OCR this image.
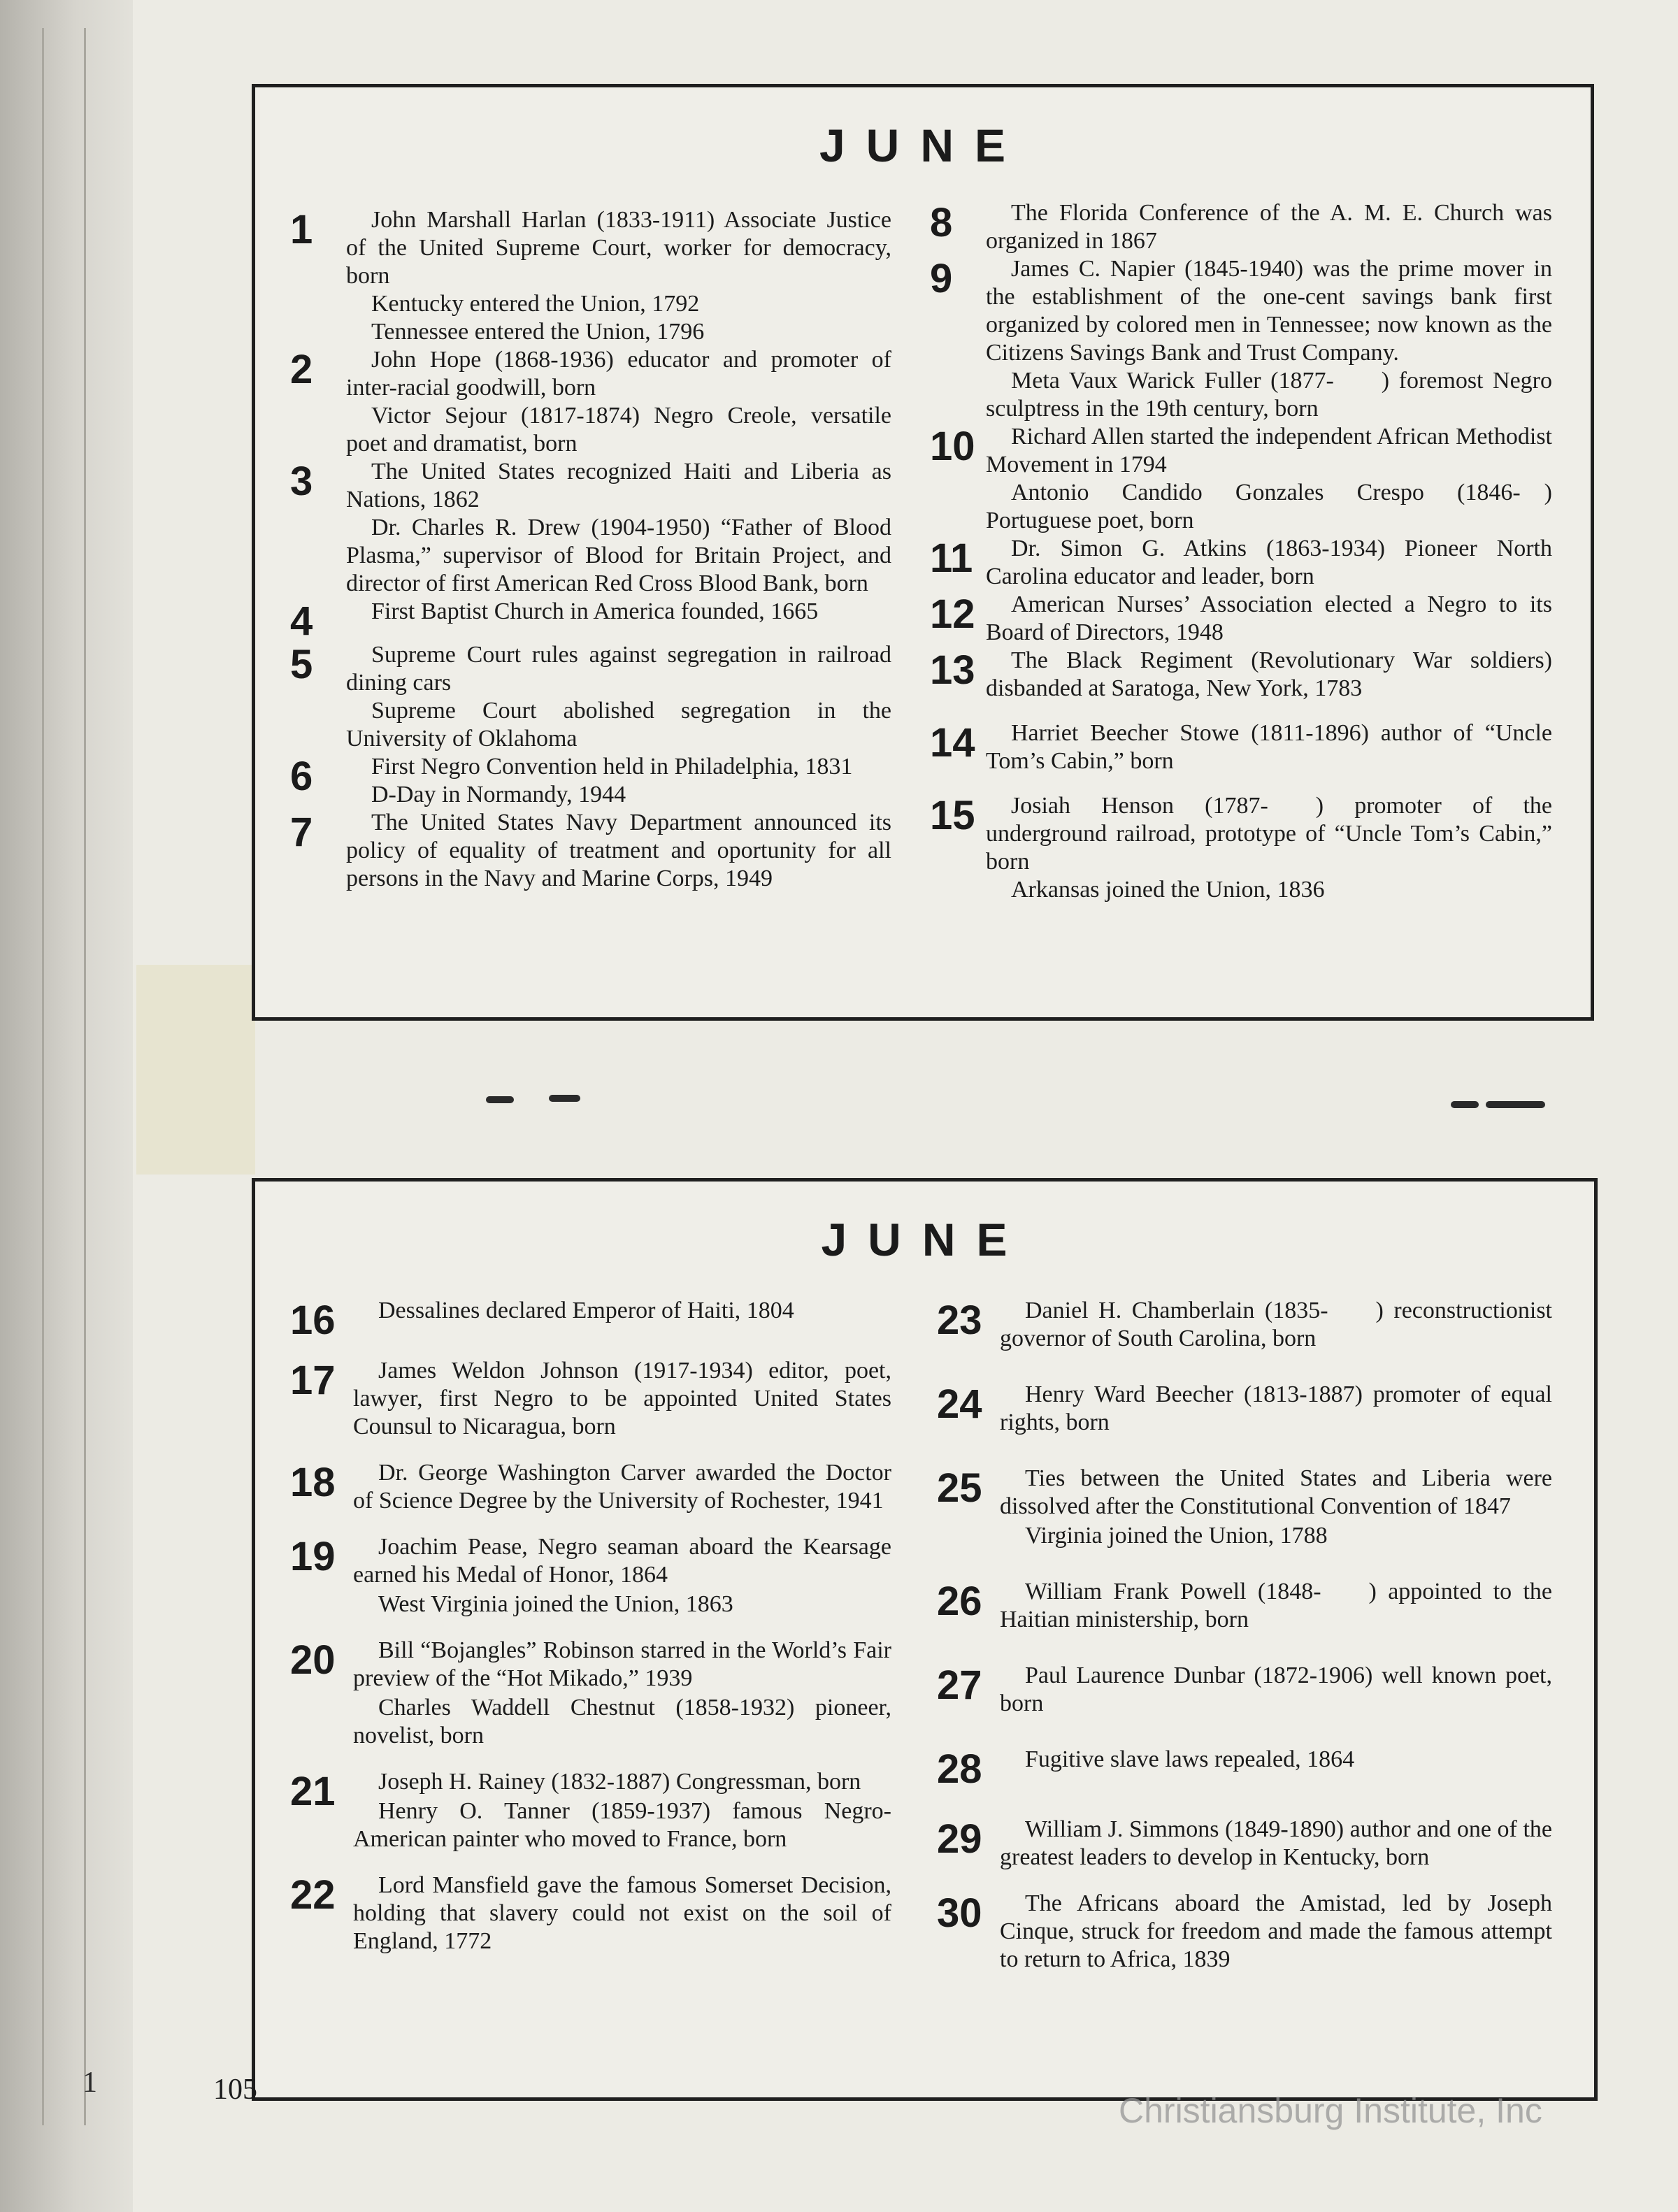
JUNE
1	John Marshall Harlan (1833-1911) Associate Justice of the United Supreme Court, worker for democracy, born

Kentucky entered the Union, 1792

Tennessee entered the Union, 1796

2	John Hope (1868-1936) educator and promoter of inter-racial goodwill, born

Victor Sejour (1817-1874) Negro Creole, versatile poet and dramatist, born

3	The United States recognized Haiti and Liberia as Nations, 1862

Dr. Charles R. Drew (1904-1950) “Father of Blood Plasma,” supervisor of Blood for Britain Project, and director of first American Red Cross Blood Bank, born

4	First Baptist Church in America founded, 1665

5	Supreme Court rules against segregation in railroad dining cars

Supreme Court abolished segregation in the University of Oklahoma

6	First Negro Convention held in Philadelphia, 1831

D-Day in Normandy, 1944

7	The United States Navy Department announced its policy of equality of treatment and oportunity for all persons in the Navy and Marine Corps, 1949

8	The Florida Conference of the A. M. E. Church was organized in 1867

9	James C. Napier (1845-1940) was the prime mover in the establishment of the one-cent savings bank first organized by colored men in Tennessee; now known as the Citizens Savings Bank and Trust Company.

Meta Vaux Warick Fuller (1877-  ) foremost Negro sculptress in the 19th century, born

10	Richard Allen started the independent African Methodist Movement in 1794

Antonio Candido Gonzales Crespo (1846- ) Portuguese poet, born

11	Dr. Simon G. Atkins (1863-1934) Pioneer North Carolina educator and leader, born

12	American Nurses’ Association elected a Negro to its Board of Directors, 1948

13	The Black Regiment (Revolutionary War soldiers) disbanded at Saratoga, New York, 1783

14	Harriet Beecher Stowe (1811-1896) author of “Uncle Tom’s Cabin,” born

15	Josiah Henson (1787-  ) promoter of the underground railroad, prototype of “Uncle Tom’s Cabin,” born

Arkansas joined the Union, 1836

JUNE
16	Dessalines declared Emperor of Haiti, 1804

17	James Weldon Johnson (1917-1934) editor, poet, lawyer, first Negro to be appointed United States Counsul to Nicaragua, born

18	Dr. George Washington Carver awarded the Doctor of Science Degree by the University of Rochester, 1941

19	Joachim Pease, Negro seaman aboard the Kearsage earned his Medal of Honor, 1864

West Virginia joined the Union, 1863

20	Bill “Bojangles” Robinson starred in the World’s Fair preview of the “Hot Mikado,” 1939

Charles Waddell Chestnut (1858-1932) pioneer, novelist, born

21	Joseph H. Rainey (1832-1887) Congressman, born

Henry O. Tanner (1859-1937) famous Negro-American painter who moved to France, born

22	Lord Mansfield gave the famous Somerset Decision, holding that slavery could not exist on the soil of England, 1772

23	Daniel H. Chamberlain (1835-  ) reconstructionist governor of South Carolina, born

24	Henry Ward Beecher (1813-1887) promoter of equal rights, born

25	Ties between the United States and Liberia were dissolved after the Constitutional Convention of 1847

Virginia joined the Union, 1788

26	William Frank Powell (1848-  ) appointed to the Haitian ministership, born

27	Paul Laurence Dunbar (1872-1906) well known poet, born

28	Fugitive slave laws repealed, 1864

29	William J. Simmons (1849-1890) author and one of the greatest leaders to develop in Kentucky, born

30	The Africans aboard the Amistad, led by Joseph Cinque, struck for freedom and made the famous attempt to return to Africa, 1839

1	105
Christiansburg Institute, Inc
